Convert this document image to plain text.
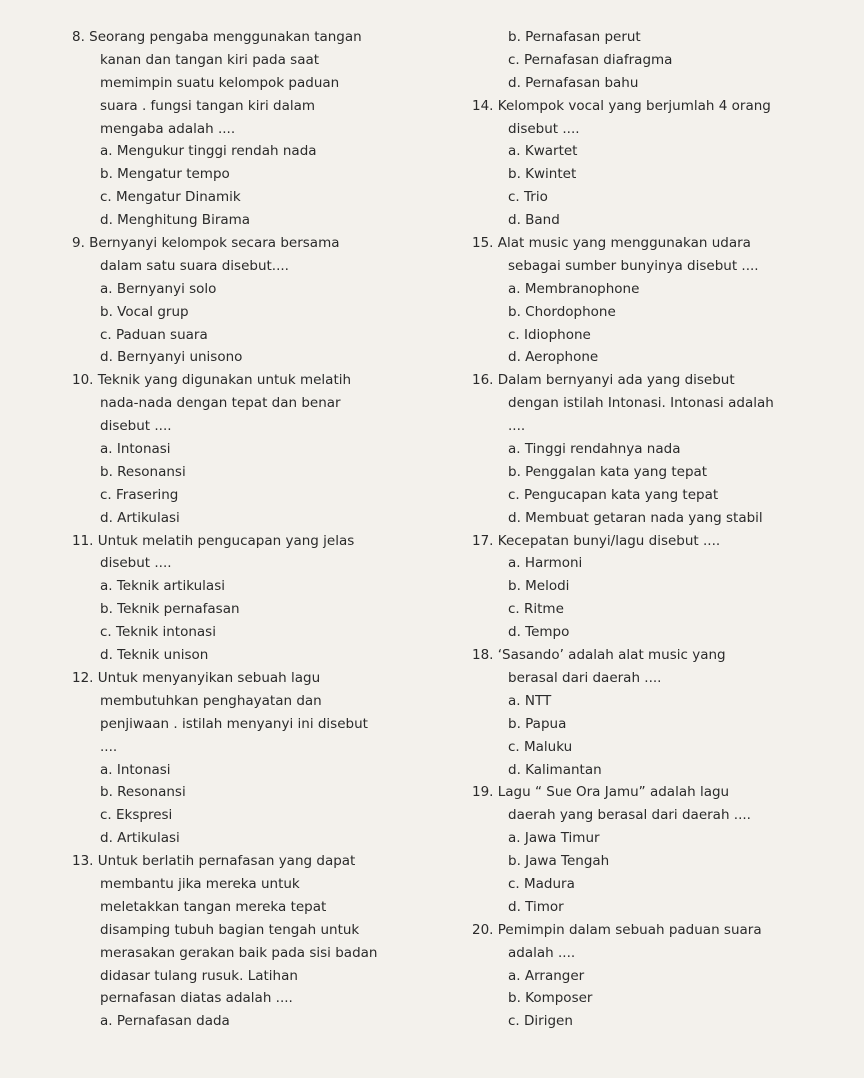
8. Seorang pengaba menggunakan tangan
kanan dan tangan kiri pada saat
memimpin suatu kelompok paduan
suara . fungsi tangan kiri dalam
mengaba adalah ....
a. Mengukur tinggi rendah nada
b. Mengatur tempo
c. Mengatur Dinamik
d. Menghitung Birama
9. Bernyanyi kelompok secara bersama
dalam satu suara disebut....
a. Bernyanyi solo
b. Vocal grup
c. Paduan suara
d. Bernyanyi unisono
10. Teknik yang digunakan untuk melatih
nada-nada dengan tepat dan benar
disebut ....
a. Intonasi
b. Resonansi
c. Frasering
d. Artikulasi
11. Untuk melatih pengucapan yang jelas
disebut ....
a. Teknik artikulasi
b. Teknik pernafasan
c. Teknik intonasi
d. Teknik unison
12. Untuk menyanyikan sebuah lagu
membutuhkan penghayatan dan
penjiwaan . istilah menyanyi ini disebut
....
a. Intonasi
b. Resonansi
c. Ekspresi
d. Artikulasi
13. Untuk berlatih pernafasan yang dapat
membantu jika mereka untuk
meletakkan tangan mereka tepat
disamping tubuh bagian tengah untuk
merasakan gerakan baik pada sisi badan
didasar tulang rusuk. Latihan
pernafasan diatas adalah ....
a. Pernafasan dada
b. Pernafasan perut
c. Pernafasan diafragma
d. Pernafasan bahu
14. Kelompok vocal yang berjumlah 4 orang
disebut ....
a. Kwartet
b. Kwintet
c. Trio
d. Band
15. Alat music yang menggunakan udara
sebagai sumber bunyinya disebut ....
a. Membranophone
b. Chordophone
c. Idiophone
d. Aerophone
16. Dalam bernyanyi ada yang disebut
dengan istilah Intonasi. Intonasi adalah
....
a. Tinggi rendahnya nada
b. Penggalan kata yang tepat
c. Pengucapan kata yang tepat
d. Membuat getaran nada yang stabil
17. Kecepatan bunyi/lagu disebut ....
a. Harmoni
b. Melodi
c. Ritme
d. Tempo
18. ‘Sasando’ adalah alat music yang
berasal dari daerah ....
a. NTT
b. Papua
c. Maluku
d. Kalimantan
19. Lagu “ Sue Ora Jamu” adalah lagu
daerah yang berasal dari daerah ....
a. Jawa Timur
b. Jawa Tengah
c. Madura
d. Timor
20. Pemimpin dalam sebuah paduan suara
adalah ....
a. Arranger
b. Komposer
c. Dirigen
